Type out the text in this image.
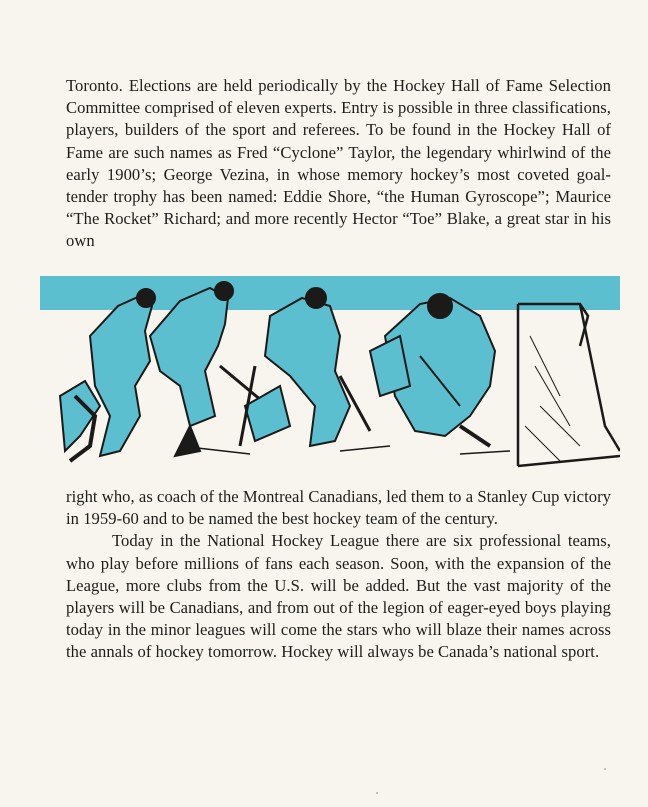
Toronto. Elections are held periodically by the Hockey Hall of Fame Selection Committee comprised of eleven experts. Entry is possible in three classifications, players, builders of the sport and referees. To be found in the Hockey Hall of Fame are such names as Fred “Cyclone” Taylor, the legendary whirlwind of the early 1900’s; George Vezina, in whose memory hockey’s most coveted goal-tender trophy has been named: Eddie Shore, “the Human Gyroscope”; Maurice “The Rocket” Richard; and more recently Hector “Toe” Blake, a great star in his own

right who, as coach of the Montreal Canadians, led them to a Stanley Cup victory in 1959-60 and to be named the best hockey team of the century.

Today in the National Hockey League there are six professional teams, who play before millions of fans each season. Soon, with the expansion of the League, more clubs from the U.S. will be added. But the vast majority of the players will be Canadians, and from out of the legion of eager-eyed boys playing today in the minor leagues will come the stars who will blaze their names across the annals of hockey tomorrow. Hockey will always be Canada’s national sport.
